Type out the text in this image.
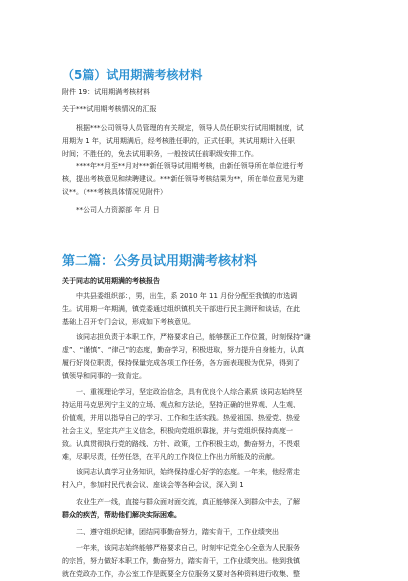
（5篇）试用期满考核材料
附件 19：试用期满考核材料
关于***试用期考核情况的汇报
根据***公司领导人员管理的有关规定，领导人员任职实行试用期制度，试
用期为 1 年，试用期满后，经考核胜任职的，正式任职，其试用期计入任职
时间；不胜任的，免去试用职务，一般按试任前职级安排工作。
****年**月至**月对***新任领导试用期考核，由新任领导所在单位进行考
核，提出考核意见和续聘建议。***新任领导考核结果为**，所在单位意见为建
议**。（***考核具体情况见附件）
**公司人力资源部 年 月 日
第二篇：公务员试用期满考核材料
关于同志的试用期满的考核报告
中共县委组织部：，男，出生，系 2010 年 11 月份分配至我镇的市选调
生。试用期一年期满，镇党委通过组织镇机关干部进行民主测评和谈话，在此
基础上召开专门会议，形成如下考核意见。
该同志担负责于本职工作，严格要求自己，能够摆正工作位置，时刻保持“谦
虚”、“谨慎”、“律己”的态度，勤奋学习，积极进取，努力提升自身能力，认真
履行好岗位职责，保持保量完成各项工作任务，各方面表现极为优异，得到了
镇领导和同事的一致肯定。
一、重视理论学习，坚定政治信念，具有优良个人综合素质 该同志始终坚
持运用马克思列宁主义的立场、观点和方法论，坚持正确的世界观、人生观、
价值观，并用以指导自己的学习、工作和生活实践。热爱祖国、热爱党、热爱
社会主义，坚定共产主义信念，积极向党组织靠拢，并与党组织保持高度一
致。认真贯彻执行党的路线、方针、政策，工作积极主动，勤奋努力，不畏艰
难，尽职尽责，任劳任怨，在平凡的工作岗位上作出力所能及的贡献。
该同志认真学习业务知识，始终保持虚心好学的态度。一年来，他经常走
村入户，参加村民代表会议、座谈会等各种会议，深入到 1
农业生产一线，直接与群众面对面交流，真正能够深入到群众中去，了解
群众的疾苦，帮助他们解决实际困难。
二、遵守组织纪律，团结同事勤奋努力，踏实肯干，工作业绩突出
一年来，该同志始终能够严格要求自己，时刻牢记党全心全意为人民服务
的宗旨，努力做好本职工作，勤奋努力，踏实肯干，工作业绩突出。他到我镇
就在党政办工作，办公室工作是既要全方位服务又要对各种资料进行收集、整
